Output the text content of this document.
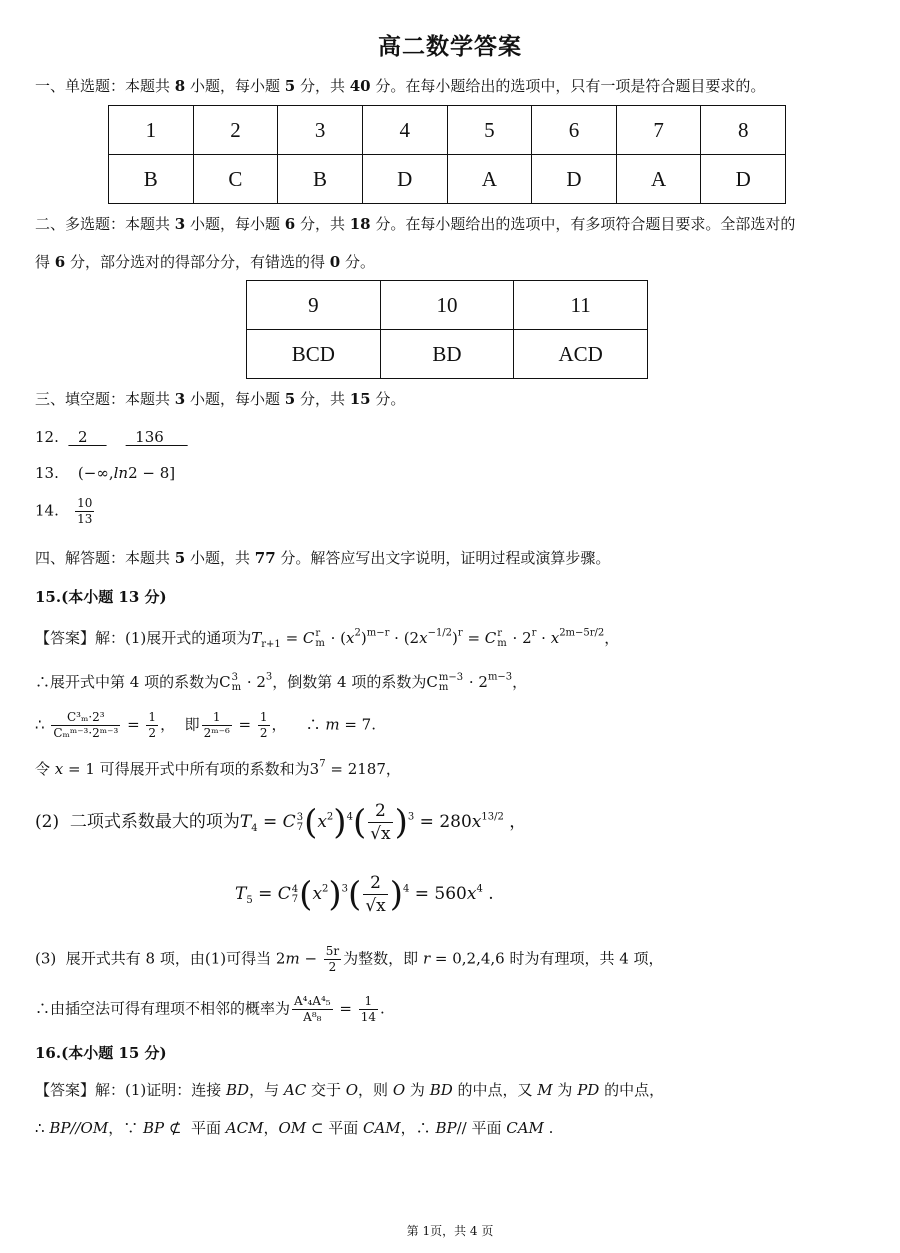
高二数学答案
一、单选题：本题共 8 小题，每小题 5 分，共 40 分。在每小题给出的选项中，只有一项是符合题目要求的。
1	2	3	4	5	6	7	8
B	C	B	D	A	D	A	D
二、多选题：本题共 3 小题，每小题 6 分，共 18 分。在每小题给出的选项中，有多项符合题目要求。全部选对的
得 6 分，部分选对的得部分分，有错选的得 0 分。
9	10	11
BCD	BD	ACD
三、填空题：本题共 3 小题，每小题 5 分，共 15 分。
12.    2          136
13.    (−∞,ln2 − 8]
14. $\frac{10}{13}$
四、解答题：本题共 5 小题，共 77 分。解答应写出文字说明，证明过程或演算步骤。
15.(本小题 13 分)
【答案】解：(1)展开式的通项为$T_{r+1} = C$ r
$m \cdot (x^2)^{m-r} \cdot (2x^{-1/2})^r = C$ r
$m \cdot 2^r \cdot x^{2m-5r/2}$，
∴展开式中第 4 项的系数为C 3
$m \cdot 2^3$，倒数第 4 项的系数为C m−3
m	· $2^{m-3}$，
∴	C³ₘ·2³
Cₘᵐ⁻³·2ᵐ⁻³ = $\frac{1}{2}$ ，  即 $\frac{1}{\text{2ᵐ⁻⁶}} = \frac{1}{2}$ ，    ∴ m = 7.
令 x = 1 可得展开式中所有项的系数和为$3^7 = 2187$，
(2)  二项式系数最大的项为$T_4 = C$ 3
7 $(x^2)^4( \frac{2}{√x} )^3 = 280x^{13/2}$ ，
$T_5 = C$ 4
7 $(x^2)^3( \frac{2}{√x} )^4 = 560x^4$ .
(3)  展开式共有 8 项，由(1)可得当 $2m - \frac{5r}{2}$ 为整数，即 r = 0,2,4,6 时为有理项，共 4 项，
∴由插空法可得有理项不相邻的概率为 $\frac{\text{A⁴₄A⁴₅}}{\text{A⁸₈}} = \frac{1}{14}$ .
16.(本小题 15 分)
【答案】解：(1)证明：连接 BD，与 AC 交于 O，则 O 为 BD 的中点，又 M 为 PD 的中点，
∴ BP//OM，∵ BP ⊄  平面 ACM，OM ⊂ 平面 CAM，∴ BP// 平面 CAM .
第 1页，共 4 页
